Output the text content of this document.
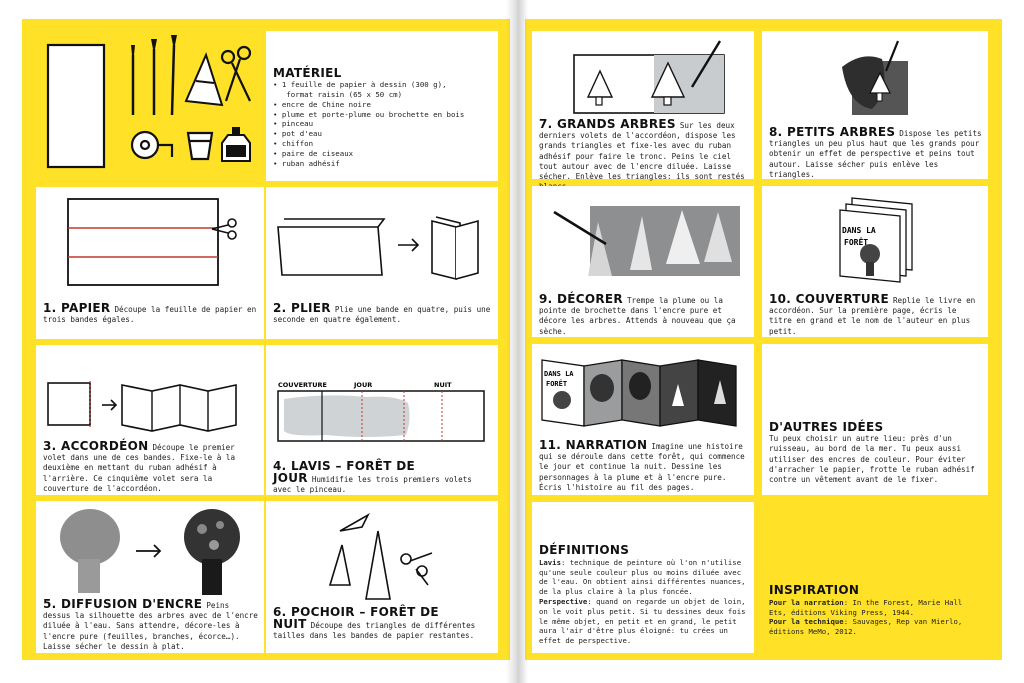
MATÉRIEL
• 1 feuille de papier à dessin (300 g),
format raisin (65 x 50 cm)
• encre de Chine noire
• plume et porte-plume ou brochette en bois
• pinceau
• pot d'eau
• chiffon
• paire de ciseaux
• ruban adhésif
1. PAPIER Découpe la feuille de papier en trois bandes égales.
2. PLIER Plie une bande en quatre, puis une seconde en quatre également.
3. ACCORDÉON Découpe le premier volet dans une de ces bandes. Fixe-le à la deuxième en mettant du ruban adhésif à l'arrière. Ce cinquième volet sera la couverture de l'accordéon.
COUVERTURE	JOUR	NUIT
4. LAVIS – FORÊT DE JOUR Humidifie les trois premiers volets avec le pinceau.
5. DIFFUSION D'ENCRE Peins dessus la silhouette des arbres avec de l'encre diluée à l'eau. Sans attendre, décore-les à l'encre pure (feuilles, branches, écorce…). Laisse sécher le dessin à plat.
6. POCHOIR – FORÊT DE NUIT Découpe des triangles de différentes tailles dans les bandes de papier restantes.
7. GRANDS ARBRES Sur les deux derniers volets de l'accordéon, dispose les grands triangles et fixe-les avec du ruban adhésif pour faire le tronc. Peins le ciel tout autour avec de l'encre diluée. Laisse sécher. Enlève les triangles: ils sont restés
8. PETITS ARBRES Dispose les petits triangles un peu plus haut que les grands pour obtenir un effet de perspective et peins tout autour. Laisse sécher puis enlève les triangles.
9. DÉCORER Trempe la plume ou la pointe de brochette dans l'encre pure et décore les arbres. Attends à nouveau que ça sèche.
DANS LA
FORÊT
10. COUVERTURE Replie le livre en accordéon. Sur la première page, écris le titre en grand et le nom de l'auteur en plus petit.
DANS LA
FORÊT
11. NARRATION Imagine une histoire qui se déroule dans cette forêt, qui commence le jour et continue la nuit. Dessine les personnages à la plume et à l'encre pure. Écris l'histoire au fil des pages.
D'AUTRES IDÉES
Tu peux choisir un autre lieu: près d'un ruisseau, au bord de la mer. Tu peux aussi utiliser des encres de couleur. Pour éviter d'arracher le papier, frotte le ruban adhésif contre un vêtement avant de le fixer.
DÉFINITIONS
Lavis: technique de peinture où l'on n'utilise qu'une seule couleur plus ou moins diluée avec de l'eau. On obtient ainsi différentes nuances, de la plus claire à la plus foncée.
Perspective: quand on regarde un objet de loin, on le voit plus petit. Si tu dessines deux fois le même objet, en petit et en grand, le petit aura l'air d'être plus éloigné: tu crées un effet de perspective.
INSPIRATION
Pour la narration: In the Forest, Marie Hall Ets, éditions Viking Press, 1944.
Pour la technique: Sauvages, Rep van Mierlo, éditions MeMo, 2012.
